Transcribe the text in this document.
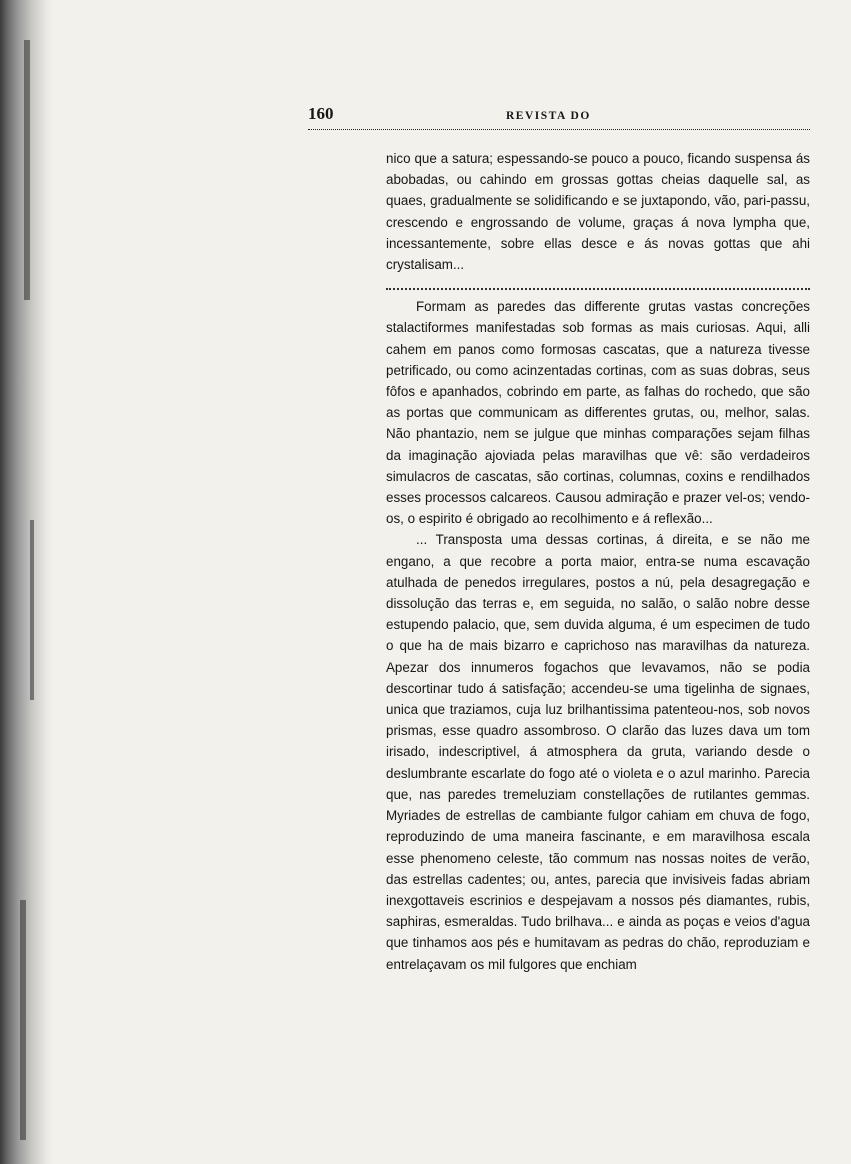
160	REVISTA DO

nico que a satura; espessando-se pouco a pouco, ficando suspensa ás abobadas, ou cahindo em grossas gottas cheias daquelle sal, as quaes, gradualmente se solidificando e se juxtapondo, vão, pari-passu, crescendo e engrossando de volume, graças á nova lympha que, incessantemente, sobre ellas desce e ás novas gottas que ahi crystalisam...

Formam as paredes das differente grutas vastas concreções stalactiformes manifestadas sob formas as mais curiosas. Aqui, alli cahem em panos como formosas cascatas, que a natureza tivesse petrificado, ou como acinzentadas cortinas, com as suas dobras, seus fôfos e apanhados, cobrindo em parte, as falhas do rochedo, que são as portas que communicam as differentes grutas, ou, melhor, salas. Não phantazio, nem se julgue que minhas comparações sejam filhas da imaginação ajoviada pelas maravilhas que vê: são verdadeiros simulacros de cascatas, são cortinas, columnas, coxins e rendilhados esses processos calcareos. Causou admiração e prazer vel-os; vendo-os, o espirito é obrigado ao recolhimento e á reflexão...

... Transposta uma dessas cortinas, á direita, e se não me engano, a que recobre a porta maior, entra-se numa escavação atulhada de penedos irregulares, postos a nú, pela desagregação e dissolução das terras e, em seguida, no salão, o salão nobre desse estupendo palacio, que, sem duvida alguma, é um especimen de tudo o que ha de mais bizarro e caprichoso nas maravilhas da natureza. Apezar dos innumeros fogachos que levavamos, não se podia descortinar tudo á satisfação; accendeu-se uma tigelinha de signaes, unica que traziamos, cuja luz brilhantissima patenteou-nos, sob novos prismas, esse quadro assombroso. O clarão das luzes dava um tom irisado, indescriptivel, á atmosphera da gruta, variando desde o deslumbrante escarlate do fogo até o violeta e o azul marinho. Parecia que, nas paredes tremeluziam constellações de rutilantes gemmas. Myriades de estrellas de cambiante fulgor cahiam em chuva de fogo, reproduzindo de uma maneira fascinante, e em maravilhosa escala esse phenomeno celeste, tão commum nas nossas noites de verão, das estrellas cadentes; ou, antes, parecia que invisiveis fadas abriam inexgottaveis escrinios e despejavam a nossos pés diamantes, rubis, saphiras, esmeraldas. Tudo brilhava... e ainda as poças e veios d'agua que tinhamos aos pés e humitavam as pedras do chão, reproduziam e entrelaçavam os mil fulgores que enchiam
